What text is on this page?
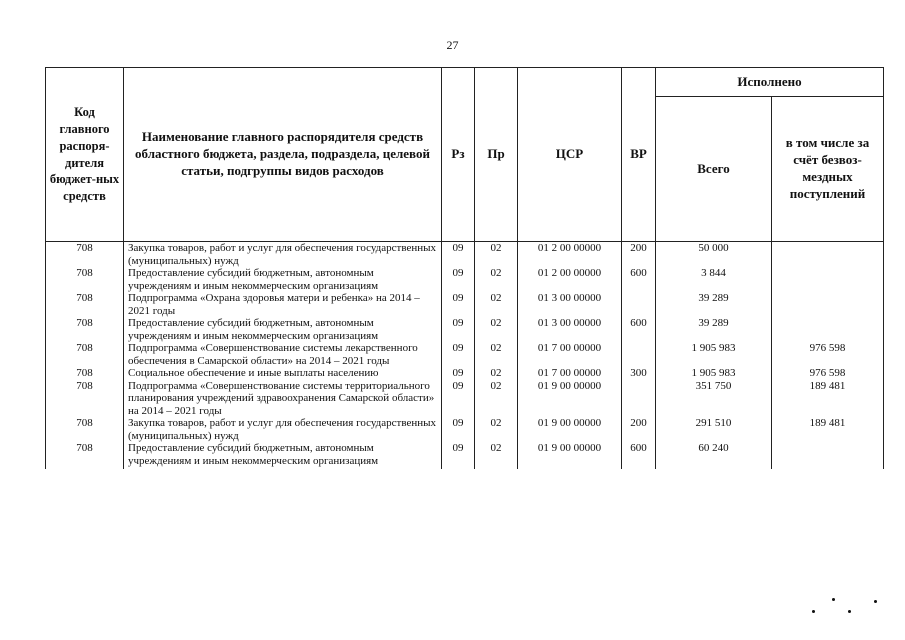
27
Код главного распоря-дителя бюджет-ных средств	Наименование главного распорядителя средств областного бюджета, раздела, подраздела, целевой статьи, подгруппы видов расходов	Рз	Пр	ЦСР	ВР	Исполнено	
						Всего	в том числе за счёт безвоз-мездных поступлений
708	Закупка товаров, работ и услуг для обеспечения государственных (муниципальных) нужд	09	02	01 2 00 00000	200	50 000	
708	Предоставление субсидий бюджетным, автономным учреждениям и иным некоммерческим организациям	09	02	01 2 00 00000	600	3 844	
708	Подпрограмма «Охрана здоровья матери и ребенка» на 2014 – 2021 годы	09	02	01 3 00 00000		39 289	
708	Предоставление субсидий бюджетным, автономным учреждениям и иным некоммерческим организациям	09	02	01 3 00 00000	600	39 289	
708	Подпрограмма «Совершенствование системы лекарственного обеспечения в Самарской области» на 2014 – 2021 годы	09	02	01 7 00 00000		1 905 983	976 598
708	Социальное обеспечение и иные выплаты населению	09	02	01 7 00 00000	300	1 905 983	976 598
708	Подпрограмма «Совершенствование системы территориального планирования учреждений здравоохранения Самарской области» на 2014 – 2021 годы	09	02	01 9 00 00000		351 750	189 481
708	Закупка товаров, работ и услуг для обеспечения государственных (муниципальных) нужд	09	02	01 9 00 00000	200	291 510	189 481
708	Предоставление субсидий бюджетным, автономным учреждениям и иным некоммерческим организациям	09	02	01 9 00 00000	600	60 240	
